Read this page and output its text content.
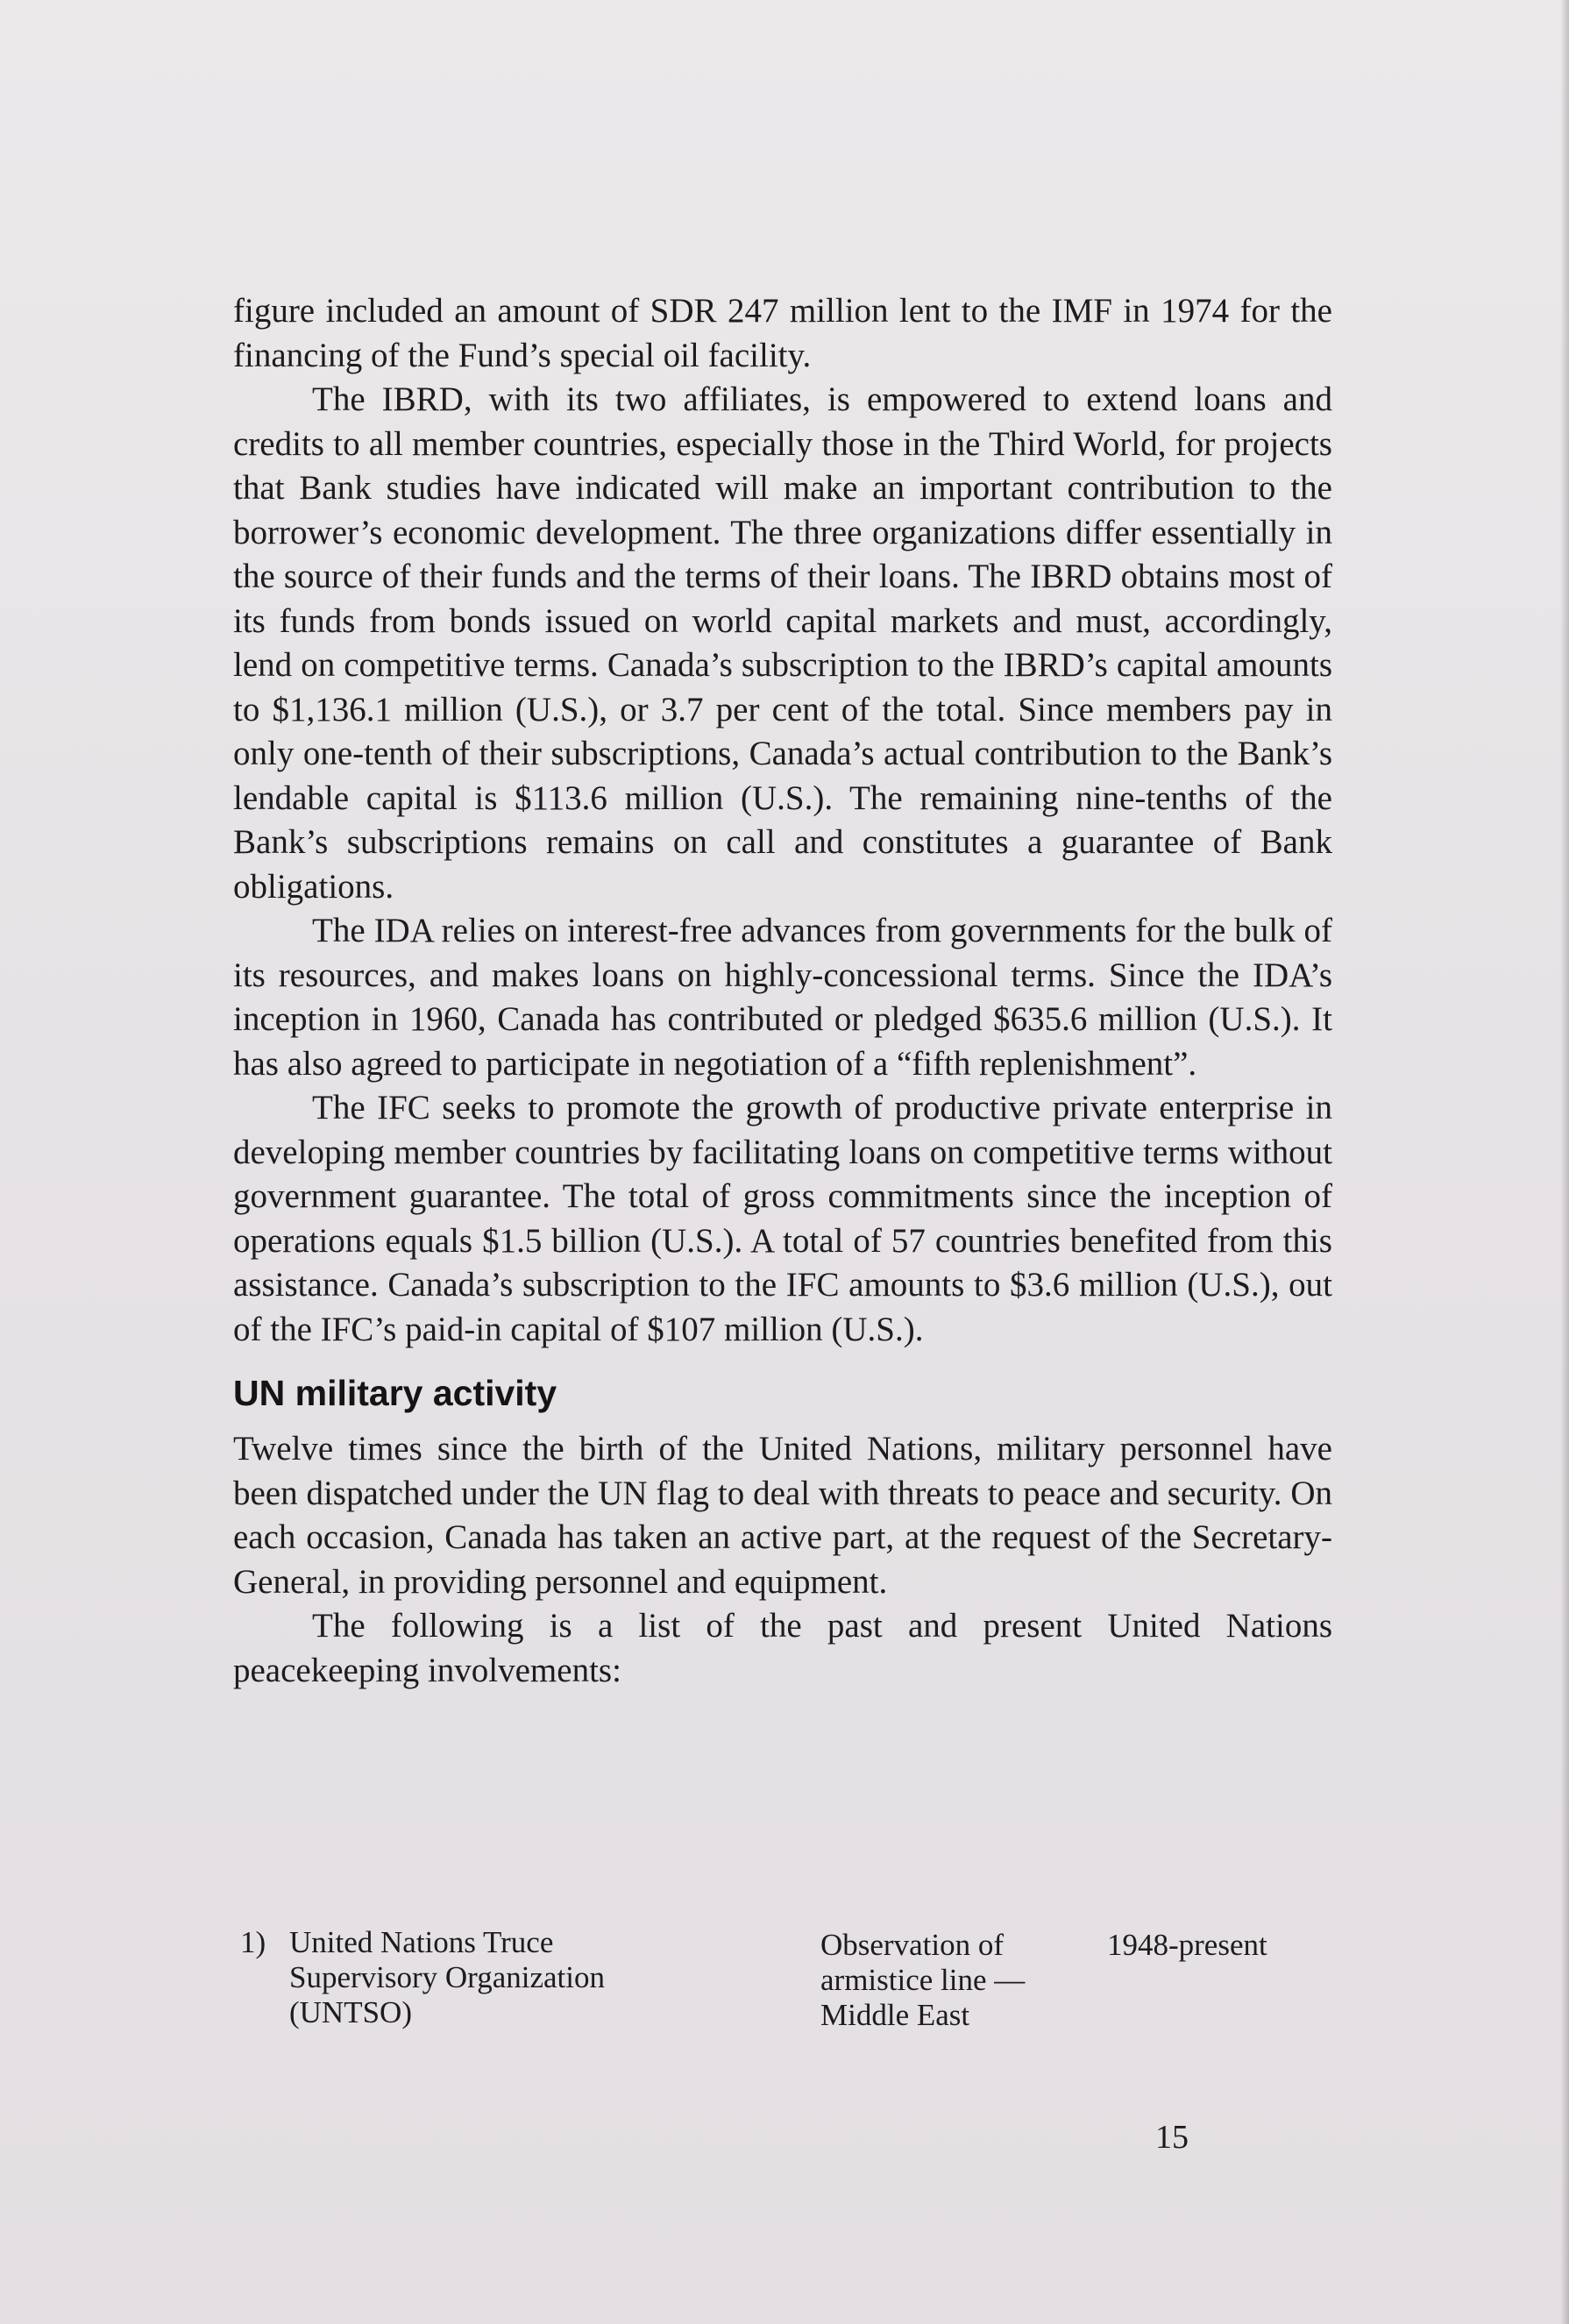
figure included an amount of SDR 247 million lent to the IMF in 1974 for the financing of the Fund’s special oil facility.

The IBRD, with its two affiliates, is empowered to extend loans and credits to all member countries, especially those in the Third World, for projects that Bank studies have indicated will make an important contribution to the borrower’s economic development. The three organizations differ essentially in the source of their funds and the terms of their loans. The IBRD obtains most of its funds from bonds issued on world capital markets and must, accordingly, lend on competitive terms. Canada’s subscription to the IBRD’s capital amounts to $1,136.1 million (U.S.), or 3.7 per cent of the total. Since members pay in only one-tenth of their subscriptions, Canada’s actual contribution to the Bank’s lendable capital is $113.6 million (U.S.). The remaining nine-tenths of the Bank’s subscriptions remains on call and constitutes a guarantee of Bank obligations.

The IDA relies on interest-free advances from governments for the bulk of its resources, and makes loans on highly-concessional terms. Since the IDA’s inception in 1960, Canada has contributed or pledged $635.6 million (U.S.). It has also agreed to participate in negotiation of a “fifth replenishment”.

The IFC seeks to promote the growth of productive private enterprise in developing member countries by facilitating loans on competitive terms without government guarantee. The total of gross commitments since the inception of operations equals $1.5 billion (U.S.). A total of 57 countries benefited from this assistance. Canada’s subscription to the IFC amounts to $3.6 million (U.S.), out of the IFC’s paid-in capital of $107 million (U.S.).

UN military activity

Twelve times since the birth of the United Nations, military personnel have been dispatched under the UN flag to deal with threats to peace and security. On each occasion, Canada has taken an active part, at the request of the Secretary-General, in providing personnel and equipment.

The following is a list of the past and present United Nations peacekeeping involvements:

1) United Nations Truce
Supervisory Organization
(UNTSO)
Observation of
armistice line —
Middle East
1948-present
15
